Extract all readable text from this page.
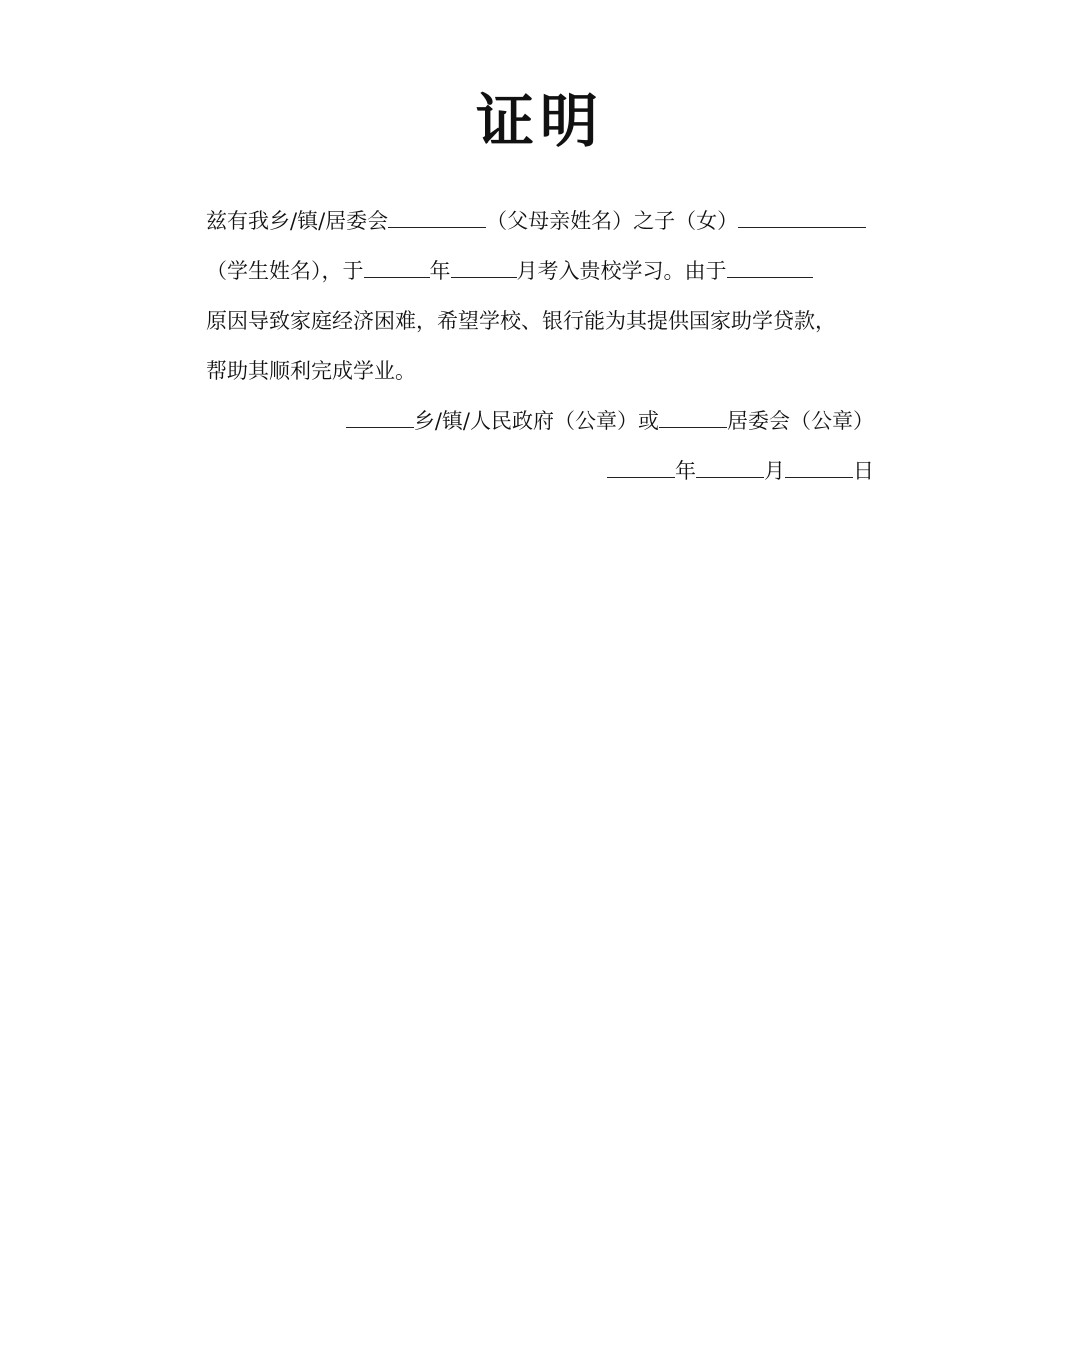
证明
兹有我乡/镇/居委会	（父母亲姓名）之子（女）
（学生姓名），于	年	月考入贵校学习。由于
原因导致家庭经济困难，希望学校、银行能为其提供国家助学贷款，
帮助其顺利完成学业。
乡/镇/人民政府（公章）或	居委会（公章）
年	月	日
